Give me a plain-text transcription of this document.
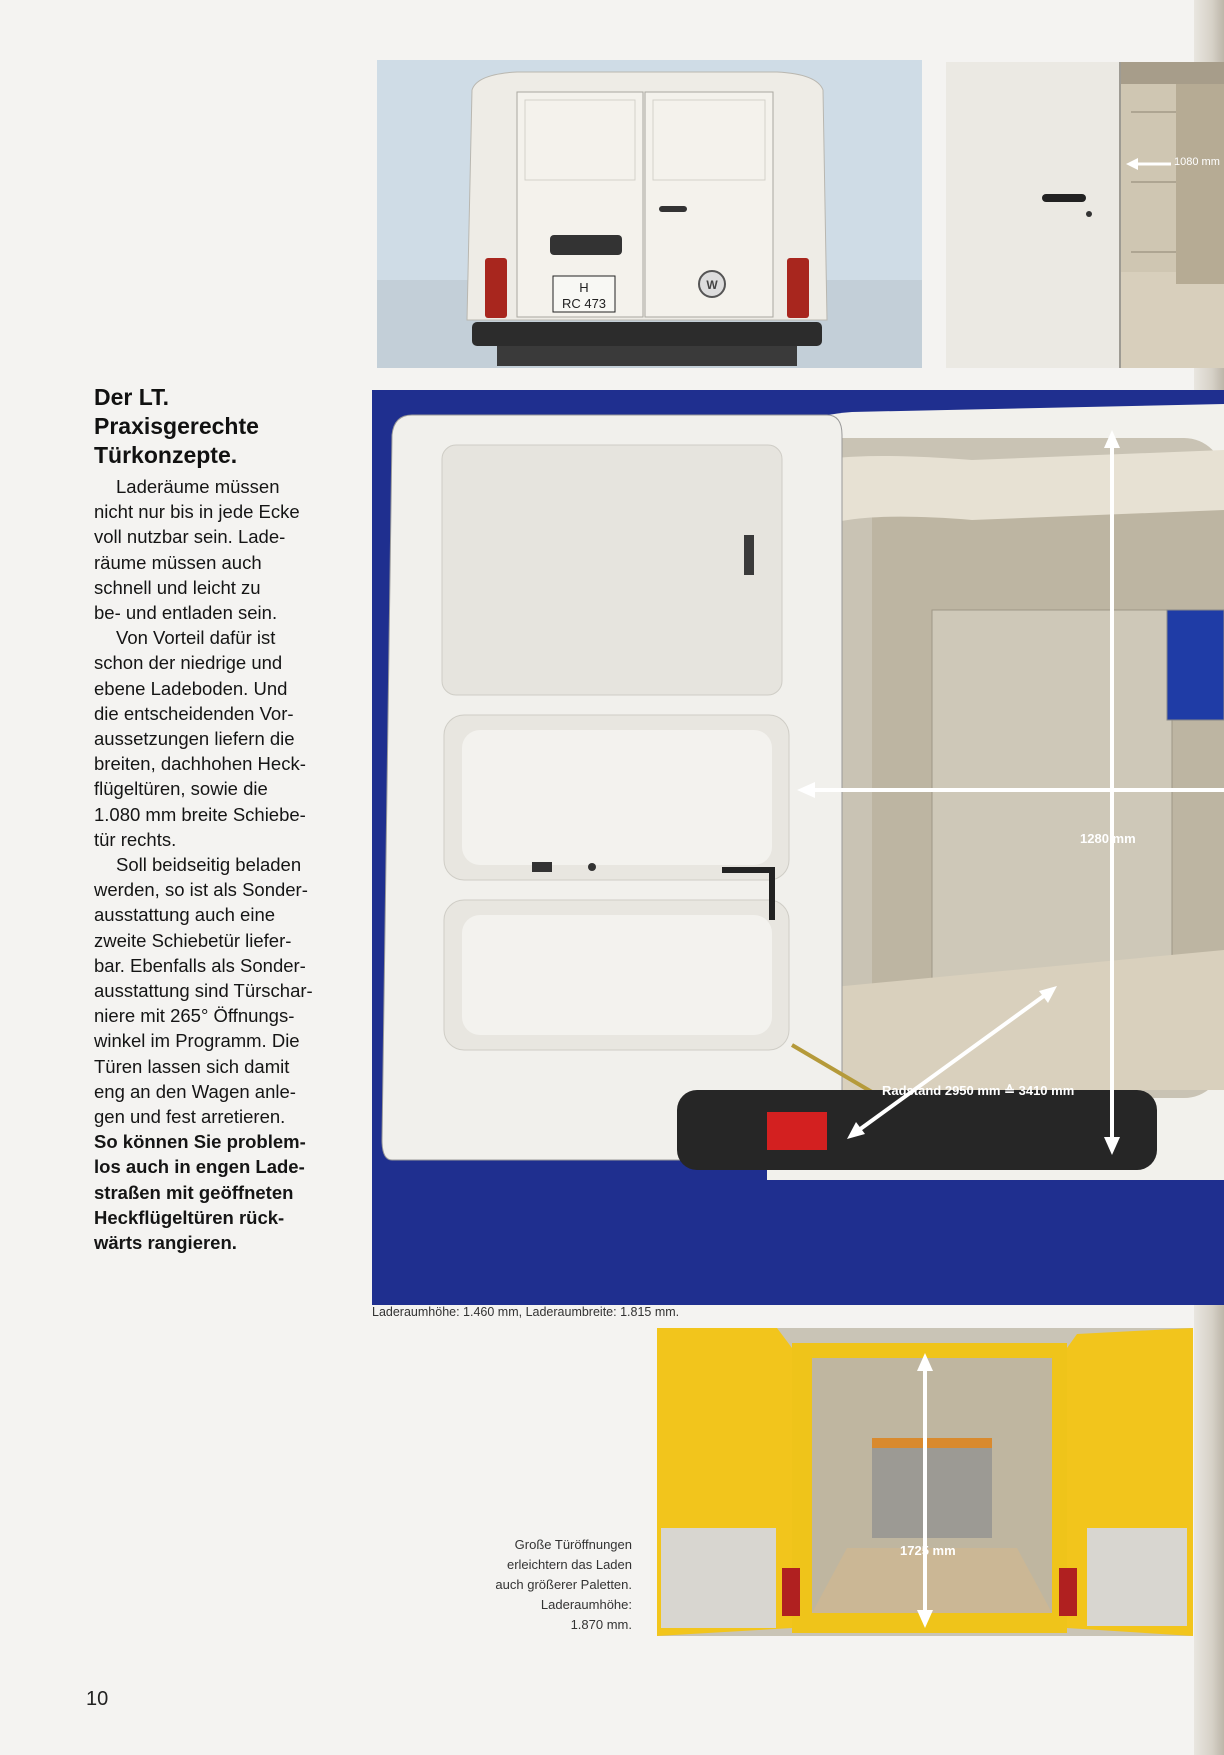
Der LT.
Praxisgerechte
Türkonzepte.
Laderäume müssen
nicht nur bis in jede Ecke
voll nutzbar sein. Lade-
räume müssen auch
schnell und leicht zu
be- und entladen sein.
Von Vorteil dafür ist
schon der niedrige und
ebene Ladeboden. Und
die entscheidenden Vor-
aussetzungen liefern die
breiten, dachhohen Heck-
flügeltüren, sowie die
1.080 mm breite Schiebe-
tür rechts.
Soll beidseitig beladen
werden, so ist als Sonder-
ausstattung auch eine
zweite Schiebetür liefer-
bar. Ebenfalls als Sonder-
ausstattung sind Türschar-
niere mit 265° Öffnungs-
winkel im Programm. Die
Türen lassen sich damit
eng an den Wagen anle-
gen und fest arretieren.
So können Sie problem-
los auch in engen Lade-
straßen mit geöffneten
Heckflügeltüren rück-
wärts rangieren.
W
H
RC 473
1080 mm
1280 mm
Radstand 2950 mm ≙ 3410 mm
Laderaumhöhe: 1.460 mm, Laderaumbreite: 1.815 mm.
1725 mm
Große Türöffnungen
erleichtern das Laden
auch größerer Paletten.
Laderaumhöhe:
1.870 mm.
10
